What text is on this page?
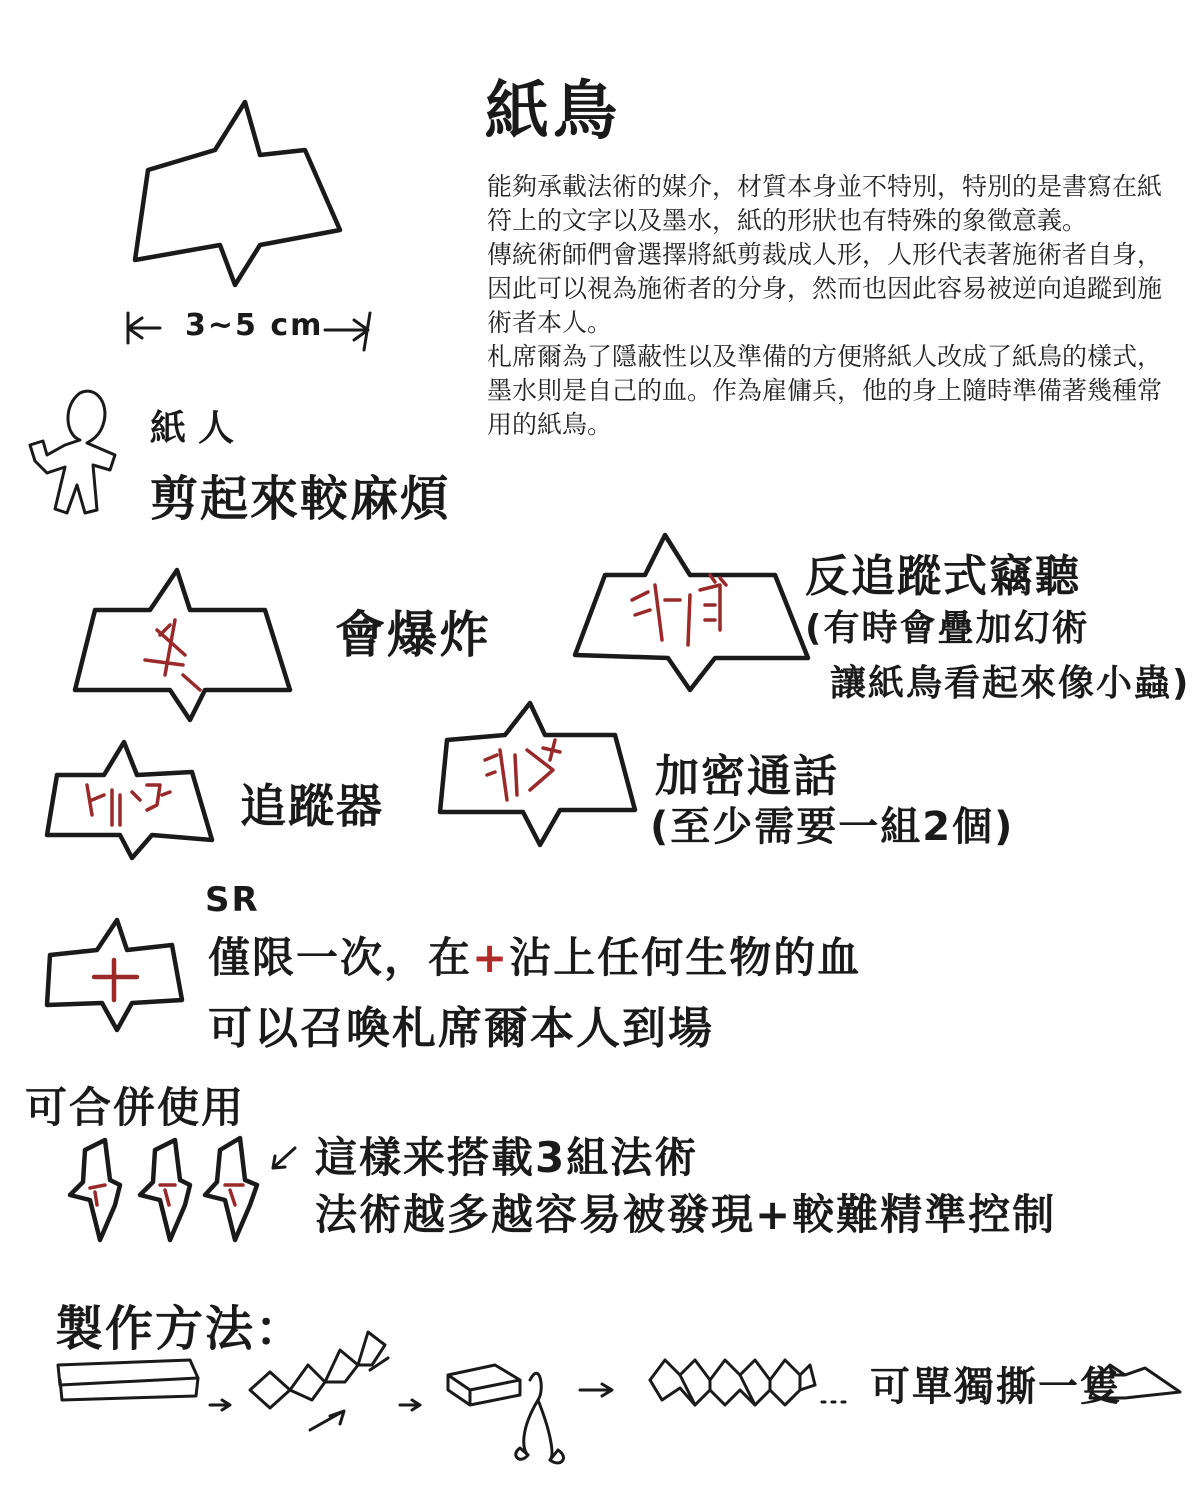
紙鳥

能夠承載法術的媒介，材質本身並不特別，特別的是書寫在紙符上的文字以及墨水，紙的形狀也有特殊的象徵意義。

傳統術師們會選擇將紙剪裁成人形，人形代表著施術者自身，因此可以視為施術者的分身，然而也因此容易被逆向追蹤到施術者本人。

札席爾為了隱蔽性以及準備的方便將紙人改成了紙鳥的樣式，墨水則是自己的血。作為雇傭兵，他的身上隨時準備著幾種常用的紙鳥。

3~5 cm
紙人
剪起來較麻煩
會爆炸
反追蹤式竊聽
(有時會疊加幻術
讓紙鳥看起來像小蟲)
追蹤器
加密通話
(至少需要一組2個)
SR
僅限一次，在+沾上任何生物的血
可以召喚札席爾本人到場
可合併使用
這樣来搭載3組法術
法術越多越容易被發現+較難精準控制
製作方法：
可單獨撕一隻
